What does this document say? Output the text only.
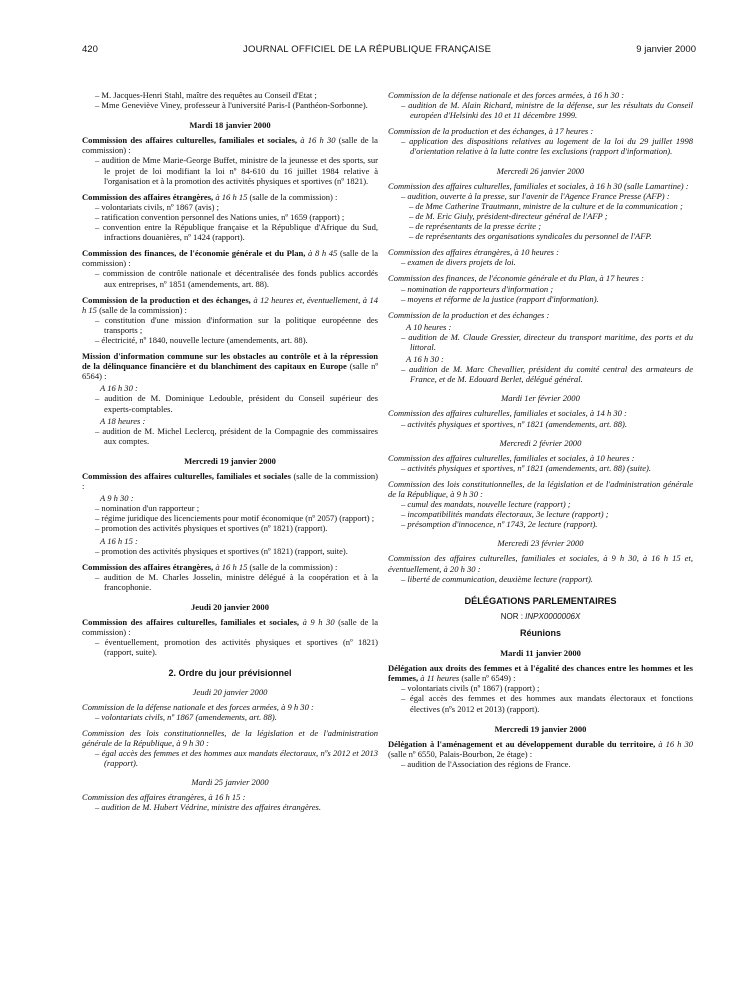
420	JOURNAL OFFICIEL DE LA RÉPUBLIQUE FRANÇAISE	9 janvier 2000

– M. Jacques-Henri Stahl, maître des requêtes au Conseil d'Etat ;

– Mme Geneviève Viney, professeur à l'université Paris-I (Panthéon-Sorbonne).

Mardi 18 janvier 2000

Commission des affaires culturelles, familiales et sociales, à 16 h 30 (salle de la commission) :

– audition de Mme Marie-George Buffet, ministre de la jeunesse et des sports, sur le projet de loi modifiant la loi nº 84-610 du 16 juillet 1984 relative à l'organisation et à la promotion des activités physiques et sportives (nº 1821).

Commission des affaires étrangères, à 16 h 15 (salle de la commission) :

– volontariats civils, nº 1867 (avis) ;

– ratification convention personnel des Nations unies, nº 1659 (rapport) ;

– convention entre la République française et la République d'Afrique du Sud, infractions douanières, nº 1424 (rapport).

Commission des finances, de l'économie générale et du Plan, à 8 h 45 (salle de la commission) :

– commission de contrôle nationale et décentralisée des fonds publics accordés aux entreprises, nº 1851 (amendements, art. 88).

Commission de la production et des échanges, à 12 heures et, éventuellement, à 14 h 15 (salle de la commission) :

– constitution d'une mission d'information sur la politique européenne des transports ;

– électricité, nº 1840, nouvelle lecture (amendements, art. 88).

Mission d'information commune sur les obstacles au contrôle et à la répression de la délinquance financière et du blanchiment des capitaux en Europe (salle nº 6564) :

A 16 h 30 :

– audition de M. Dominique Ledouble, président du Conseil supérieur des experts-comptables.

A 18 heures :

– audition de M. Michel Leclercq, président de la Compagnie des commissaires aux comptes.

Mercredi 19 janvier 2000

Commission des affaires culturelles, familiales et sociales (salle de la commission) :

A 9 h 30 :

– nomination d'un rapporteur ;

– régime juridique des licenciements pour motif économique (nº 2057) (rapport) ;

– promotion des activités physiques et sportives (nº 1821) (rapport).

A 16 h 15 :

– promotion des activités physiques et sportives (nº 1821) (rapport, suite).

Commission des affaires étrangères, à 16 h 15 (salle de la commission) :

– audition de M. Charles Josselin, ministre délégué à la coopération et à la francophonie.

Jeudi 20 janvier 2000

Commission des affaires culturelles, familiales et sociales, à 9 h 30 (salle de la commission) :

– éventuellement, promotion des activités physiques et sportives (nº 1821) (rapport, suite).

2. Ordre du jour prévisionnel

Jeudi 20 janvier 2000

Commission de la défense nationale et des forces armées, à 9 h 30 :

– volontariats civils, nº 1867 (amendements, art. 88).

Commission des lois constitutionnelles, de la législation et de l'administration générale de la République, à 9 h 30 :

– égal accès des femmes et des hommes aux mandats électoraux, nºs 2012 et 2013 (rapport).

Mardi 25 janvier 2000

Commission des affaires étrangères, à 16 h 15 :

– audition de M. Hubert Védrine, ministre des affaires étrangères.

Commission de la défense nationale et des forces armées, à 16 h 30 :

– audition de M. Alain Richard, ministre de la défense, sur les résultats du Conseil européen d'Helsinki des 10 et 11 décembre 1999.

Commission de la production et des échanges, à 17 heures :

– application des dispositions relatives au logement de la loi du 29 juillet 1998 d'orientation relative à la lutte contre les exclusions (rapport d'information).

Mercredi 26 janvier 2000

Commission des affaires culturelles, familiales et sociales, à 16 h 30 (salle Lamartine) :

– audition, ouverte à la presse, sur l'avenir de l'Agence France Presse (AFP) :

– de Mme Catherine Trautmann, ministre de la culture et de la communication ;

– de M. Eric Giuly, président-directeur général de l'AFP ;

– de représentants de la presse écrite ;

– de représentants des organisations syndicales du personnel de l'AFP.

Commission des affaires étrangères, à 10 heures :

– examen de divers projets de loi.

Commission des finances, de l'économie générale et du Plan, à 17 heures :

– nomination de rapporteurs d'information ;

– moyens et réforme de la justice (rapport d'information).

Commission de la production et des échanges :

A 10 heures :

– audition de M. Claude Gressier, directeur du transport maritime, des ports et du littoral.

A 16 h 30 :

– audition de M. Marc Chevallier, président du comité central des armateurs de France, et de M. Edouard Berlet, délégué général.

Mardi 1er février 2000

Commission des affaires culturelles, familiales et sociales, à 14 h 30 :

– activités physiques et sportives, nº 1821 (amendements, art. 88).

Mercredi 2 février 2000

Commission des affaires culturelles, familiales et sociales, à 10 heures :

– activités physiques et sportives, nº 1821 (amendements, art. 88) (suite).

Commission des lois constitutionnelles, de la législation et de l'administration générale de la République, à 9 h 30 :

– cumul des mandats, nouvelle lecture (rapport) ;

– incompatibilités mandats électoraux, 3e lecture (rapport) ;

– présomption d'innocence, nº 1743, 2e lecture (rapport).

Mercredi 23 février 2000

Commission des affaires culturelles, familiales et sociales, à 9 h 30, à 16 h 15 et, éventuellement, à 20 h 30 :

– liberté de communication, deuxième lecture (rapport).

DÉLÉGATIONS PARLEMENTAIRES

NOR : INPX0000006X

Réunions

Mardi 11 janvier 2000

Délégation aux droits des femmes et à l'égalité des chances entre les hommes et les femmes, à 11 heures (salle nº 6549) :

– volontariats civils (nº 1867) (rapport) ;

– égal accès des femmes et des hommes aux mandats électoraux et fonctions électives (nºs 2012 et 2013) (rapport).

Mercredi 19 janvier 2000

Délégation à l'aménagement et au développement durable du territoire, à 16 h 30 (salle nº 6550, Palais-Bourbon, 2e étage) :

– audition de l'Association des régions de France.
